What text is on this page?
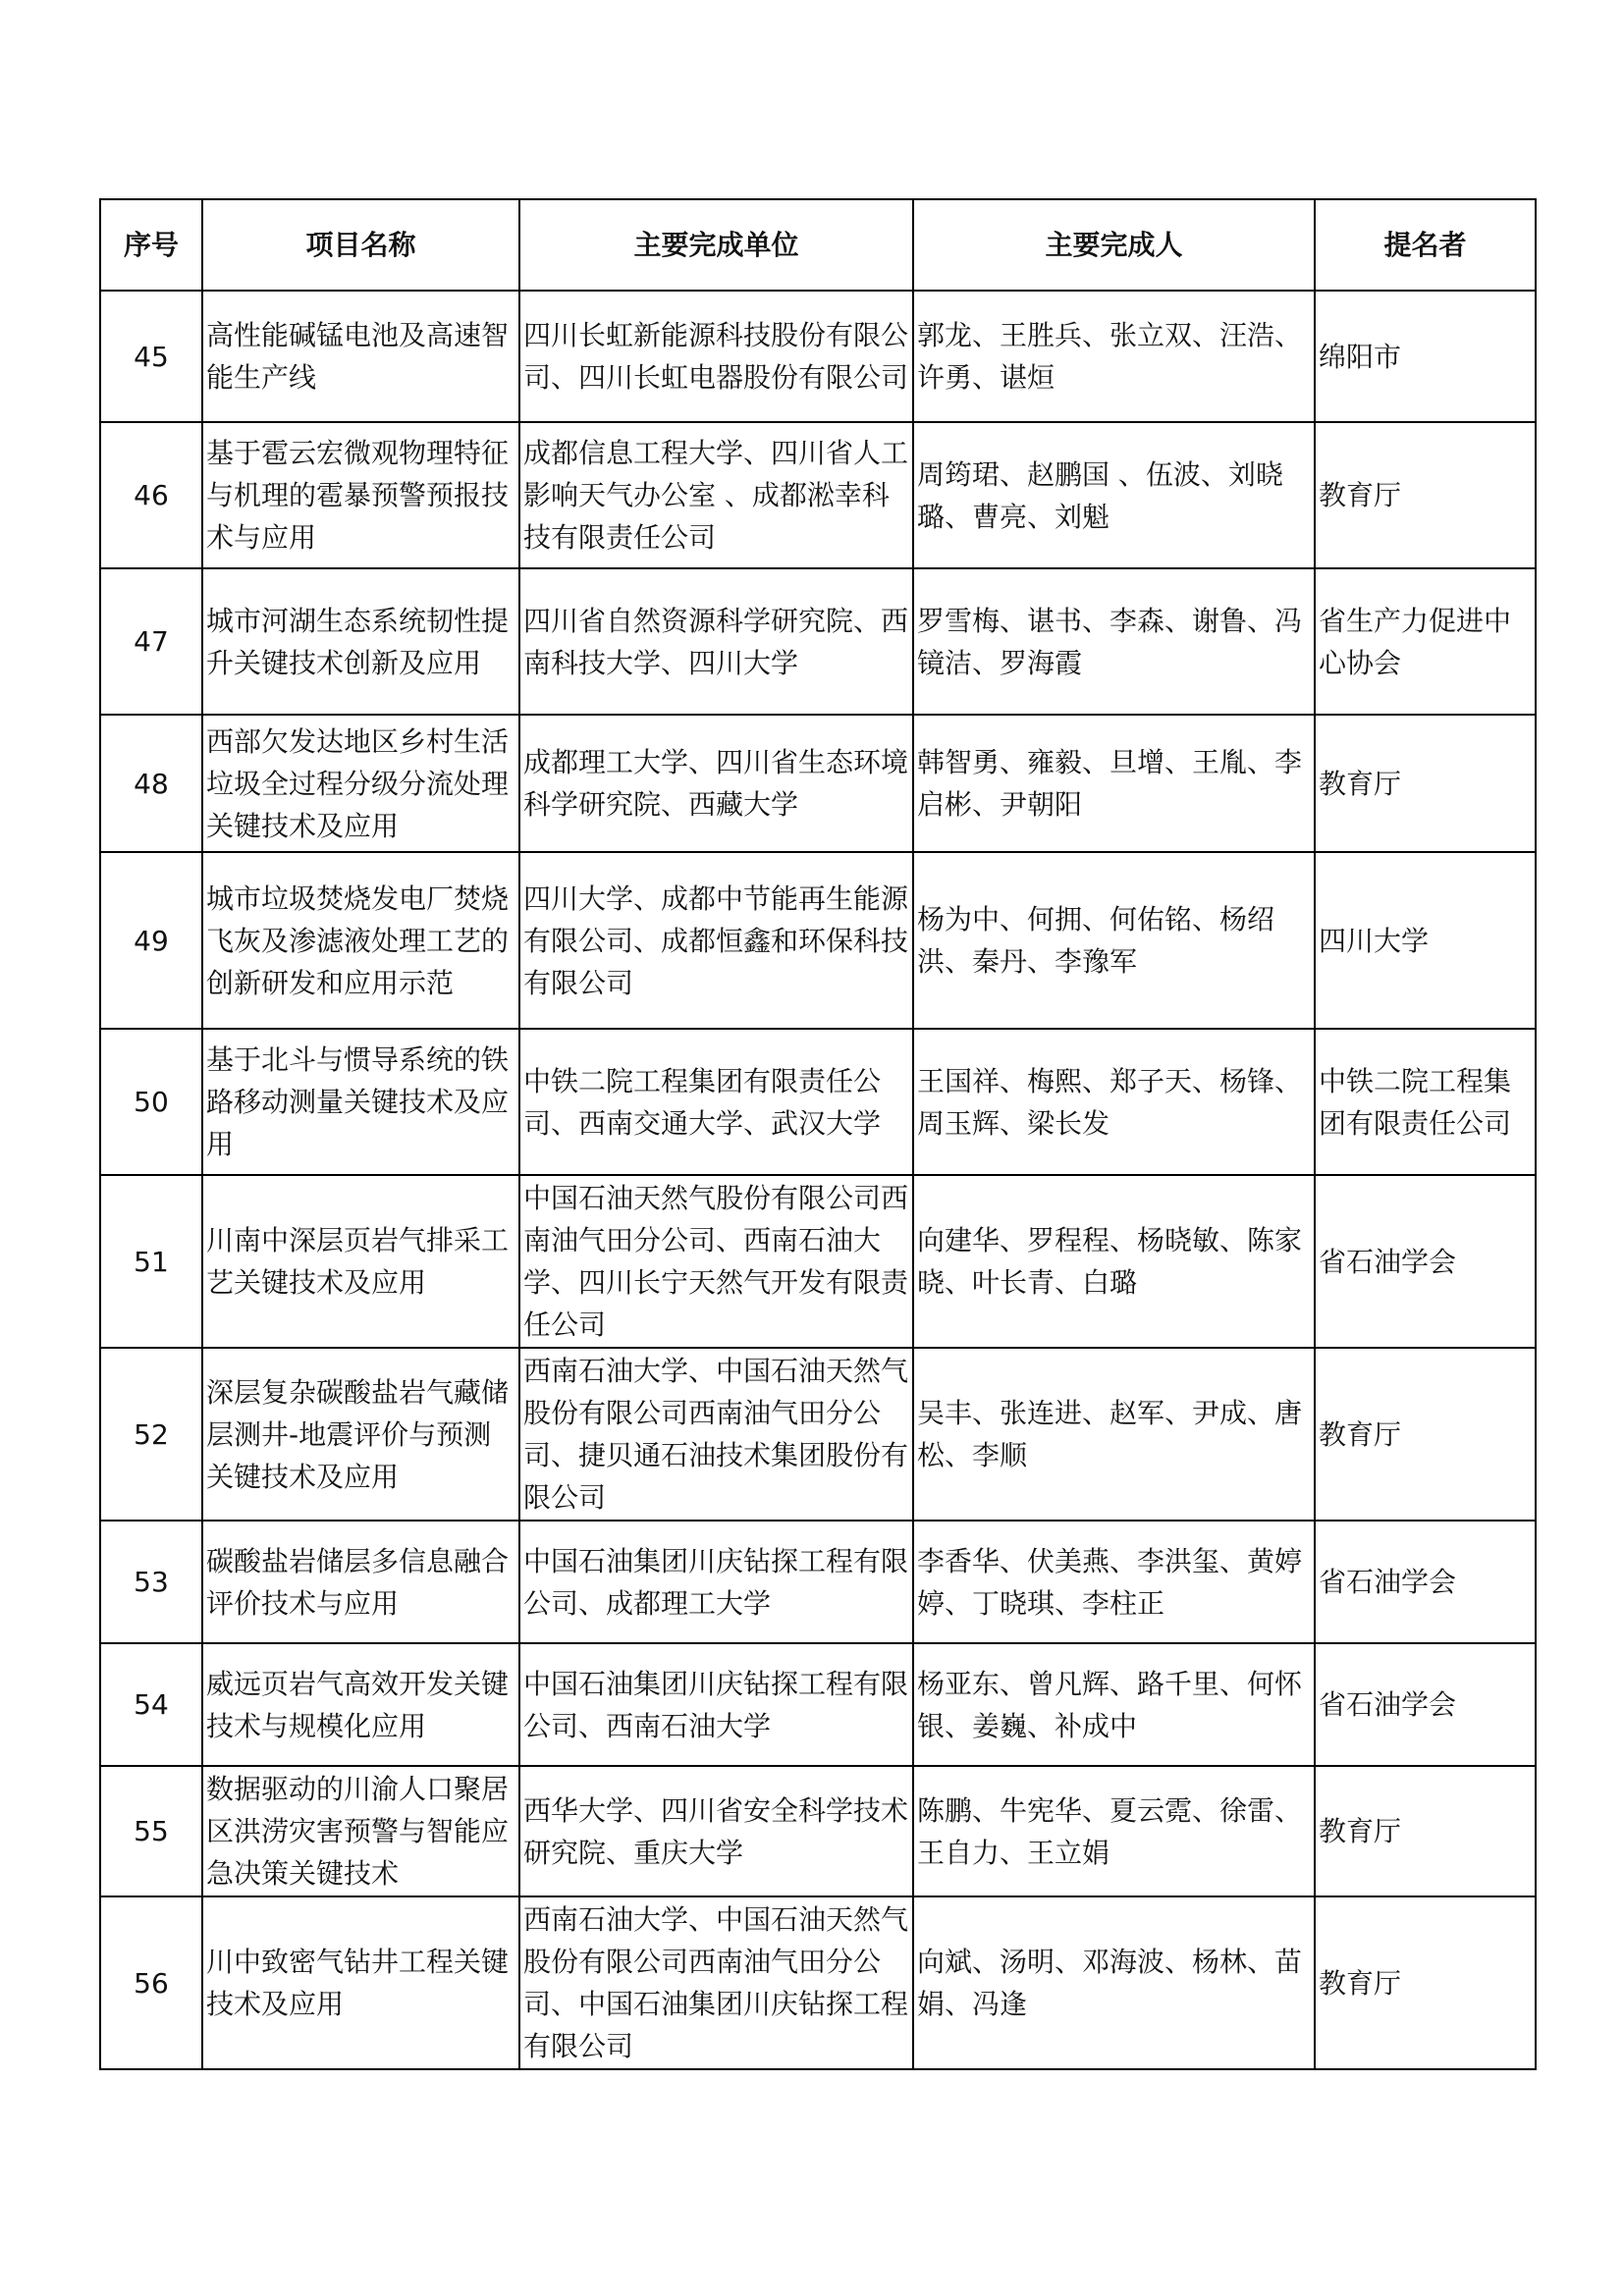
序号	项目名称	主要完成单位	主要完成人	提名者
45	高性能碱锰电池及高速智能生产线	四川长虹新能源科技股份有限公司、四川长虹电器股份有限公司	郭龙、王胜兵、张立双、汪浩、许勇、谌烜	绵阳市
46	基于雹云宏微观物理特征与机理的雹暴预警预报技术与应用	成都信息工程大学、四川省人工影响天气办公室 、成都淞幸科技有限责任公司	周筠珺、赵鹏国 、伍波、刘晓璐、曹亮、刘魁	教育厅
47	城市河湖生态系统韧性提升关键技术创新及应用	四川省自然资源科学研究院、西南科技大学、四川大学	罗雪梅、谌书、李森、谢鲁、冯镜洁、罗海霞	省生产力促进中心协会
48	西部欠发达地区乡村生活垃圾全过程分级分流处理关键技术及应用	成都理工大学、四川省生态环境科学研究院、西藏大学	韩智勇、雍毅、旦增、王胤、李启彬、尹朝阳	教育厅
49	城市垃圾焚烧发电厂焚烧飞灰及渗滤液处理工艺的创新研发和应用示范	四川大学、成都中节能再生能源有限公司、成都恒鑫和环保科技有限公司	杨为中、何拥、何佑铭、杨绍洪、秦丹、李豫军	四川大学
50	基于北斗与惯导系统的铁路移动测量关键技术及应用	中铁二院工程集团有限责任公司、西南交通大学、武汉大学	王国祥、梅熙、郑子天、杨锋、周玉辉、梁长发	中铁二院工程集团有限责任公司
51	川南中深层页岩气排采工艺关键技术及应用	中国石油天然气股份有限公司西南油气田分公司、西南石油大学、四川长宁天然气开发有限责任公司	向建华、罗程程、杨晓敏、陈家晓、叶长青、白璐	省石油学会
52	深层复杂碳酸盐岩气藏储层测井-地震评价与预测关键技术及应用	西南石油大学、中国石油天然气股份有限公司西南油气田分公司、捷贝通石油技术集团股份有限公司	吴丰、张连进、赵军、尹成、唐松、李顺	教育厅
53	碳酸盐岩储层多信息融合评价技术与应用	中国石油集团川庆钻探工程有限公司、成都理工大学	李香华、伏美燕、李洪玺、黄婷婷、丁晓琪、李柱正	省石油学会
54	威远页岩气高效开发关键技术与规模化应用	中国石油集团川庆钻探工程有限公司、西南石油大学	杨亚东、曾凡辉、路千里、何怀银、姜巍、补成中	省石油学会
55	数据驱动的川渝人口聚居区洪涝灾害预警与智能应急决策关键技术	西华大学、四川省安全科学技术研究院、重庆大学	陈鹏、牛宪华、夏云霓、徐雷、王自力、王立娟	教育厅
56	川中致密气钻井工程关键技术及应用	西南石油大学、中国石油天然气股份有限公司西南油气田分公司、中国石油集团川庆钻探工程有限公司	向斌、汤明、邓海波、杨林、苗娟、冯逢	教育厅
